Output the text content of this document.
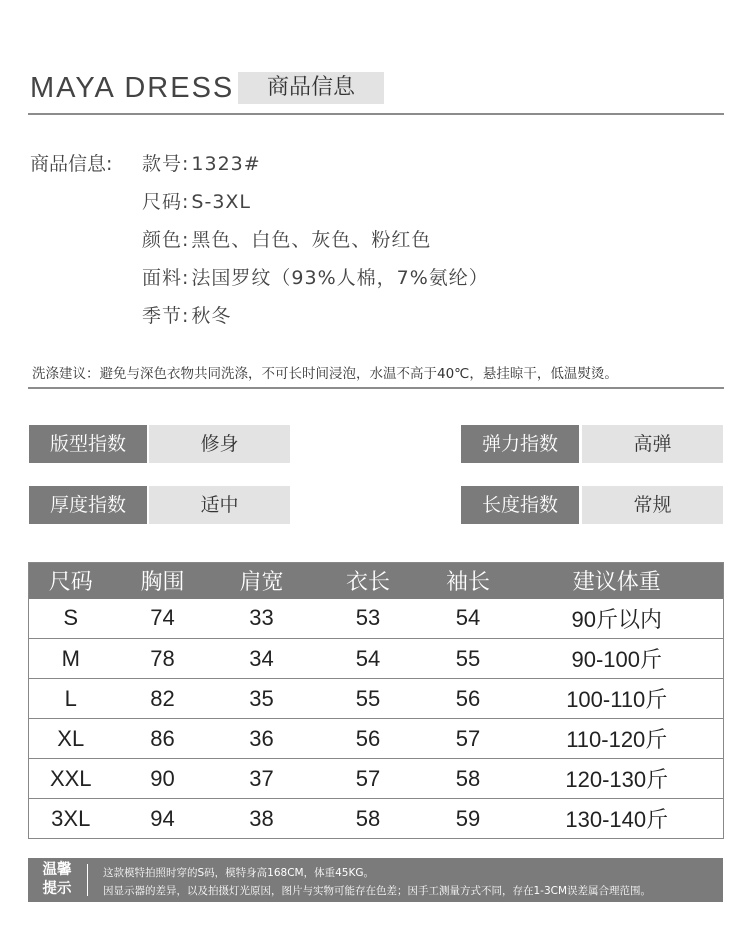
MAYA DRESS	商品信息
商品信息: 款号: 1323#
尺码: S-3XL
颜色: 黑色、白色、灰色、粉红色
面料: 法国罗纹（93%人棉，7%氨纶）
季节: 秋冬
洗涤建议：避免与深色衣物共同洗涤，不可长时间浸泡，水温不高于40℃，悬挂晾干，低温熨烫。
版型指数	修身	弹力指数	高弹
厚度指数	适中	长度指数	常规
尺码	胸围	肩宽	衣长	袖长	建议体重
S	74	33	53	54	90斤以内
M	78	34	54	55	90-100斤
L	82	35	55	56	100-110斤
XL	86	36	56	57	110-120斤
XXL	90	37	57	58	120-130斤
3XL	94	38	58	59	130-140斤
温馨
提示
这款模特拍照时穿的S码，模特身高168CM，体重45KG。
因显示器的差异，以及拍摄灯光原因，图片与实物可能存在色差；因手工测量方式不同，存在1-3CM误差属合理范围。
